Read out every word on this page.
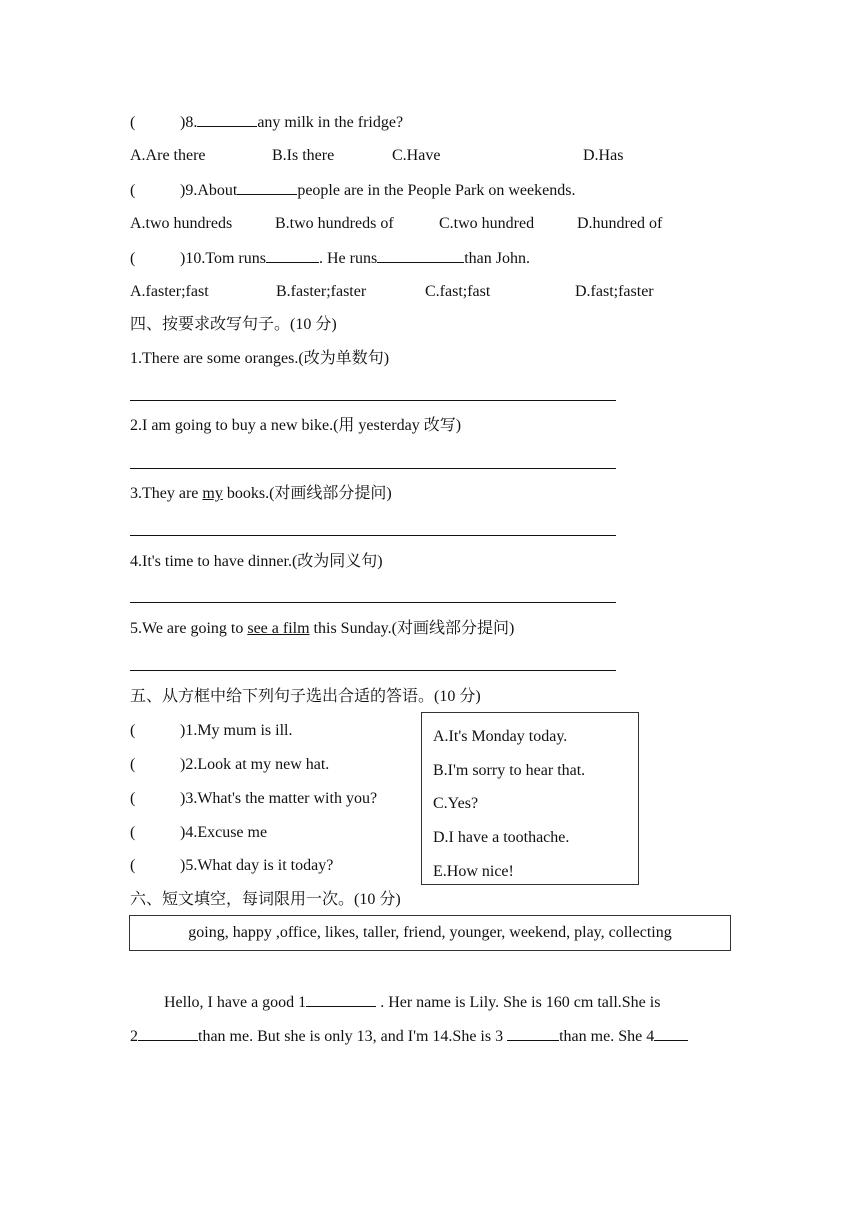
(	)8.	any milk in the fridge?
A.Are there	B.Is there	C.Have	D.Has
(	)9.About	people are in the People Park on weekends.
A.two hundreds	B.two hundreds of	C.two hundred	D.hundred of
(	)10.Tom runs	. He runs	than John.
A.faster;fast	B.faster;faster	C.fast;fast	D.fast;faster
四、按要求改写句子。(10 分)
1.There are some oranges.(改为单数句)
2.I am going to buy a new bike.(用 yesterday 改写)
3.They are my books.(对画线部分提问)
4.It's time to have dinner.(改为同义句)
5.We are going to see a film this Sunday.(对画线部分提问)
五、从方框中给下列句子选出合适的答语。(10 分)
(	)1.My mum is ill.
(	)2.Look at my new hat.
(	)3.What's the matter with you?
(	)4.Excuse me
(	)5.What day is it today?
A.It's Monday today.
B.I'm sorry to hear that.
C.Yes?
D.I have a toothache.
E.How nice!
六、短文填空，每词限用一次。(10 分)
going, happy ,office, likes, taller, friend, younger, weekend, play, collecting
Hello, I have a good 1	. Her name is Lily. She is 160 cm tall.She is
2	than me. But she is only 13, and I'm 14.She is 3	than me. She 4
